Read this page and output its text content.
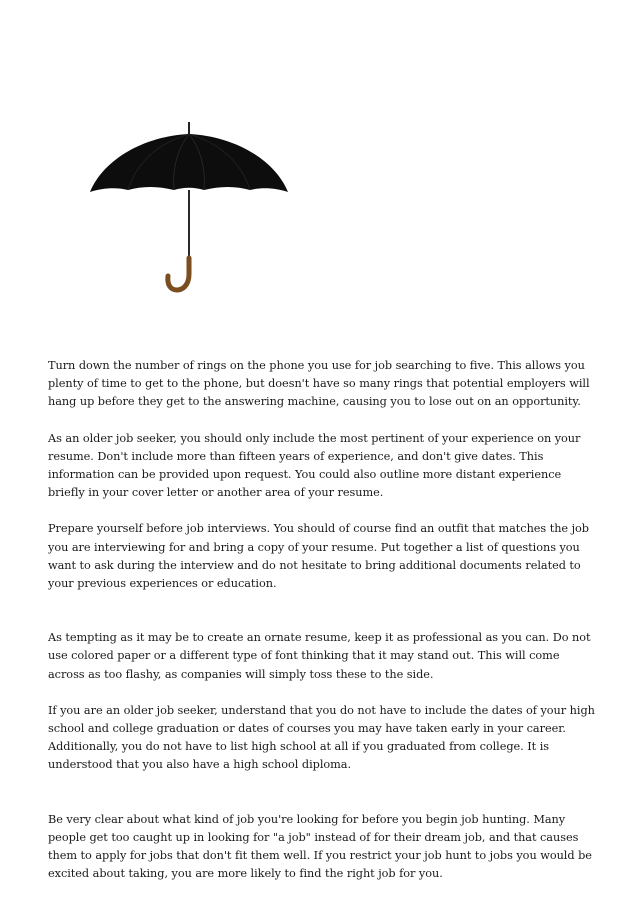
Turn down the number of rings on the phone you use for job searching to five. This allows you plenty of time to get to the phone, but doesn't have so many rings that potential employers will hang up before they get to the answering machine, causing you to lose out on an opportunity.

As an older job seeker, you should only include the most pertinent of your experience on your resume. Don't include more than fifteen years of experience, and don't give dates. This information can be provided upon request. You could also outline more distant experience briefly in your cover letter or another area of your resume.

Prepare yourself before job interviews. You should of course find an outfit that matches the job you are interviewing for and bring a copy of your resume. Put together a list of questions you want to ask during the interview and do not hesitate to bring additional documents related to your previous experiences or education.

As tempting as it may be to create an ornate resume, keep it as professional as you can. Do not use colored paper or a different type of font thinking that it may stand out. This will come across as too flashy, as companies will simply toss these to the side.

If you are an older job seeker, understand that you do not have to include the dates of your high school and college graduation or dates of courses you may have taken early in your career. Additionally, you do not have to list high school at all if you graduated from college. It is understood that you also have a high school diploma.

Be very clear about what kind of job you're looking for before you begin job hunting. Many people get too caught up in looking for "a job" instead of for their dream job, and that causes them to apply for jobs that don't fit them well. If you restrict your job hunt to jobs you would be excited about taking, you are more likely to find the right job for you.
